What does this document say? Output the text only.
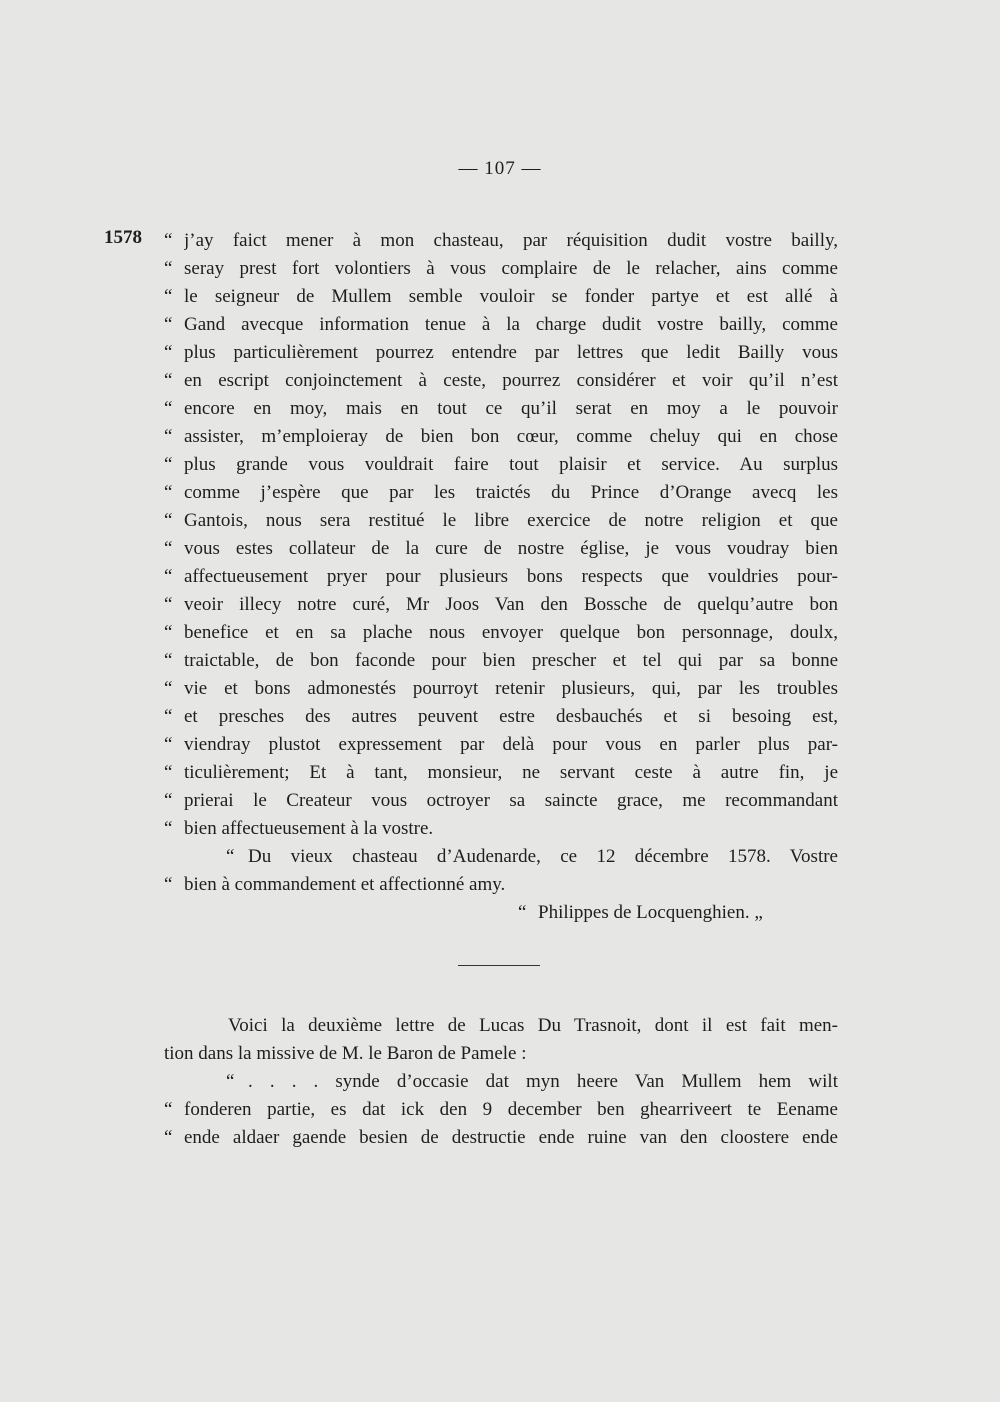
— 107 —
1578 “ j’ay faict mener à mon chasteau, par réquisition dudit vostre bailly,
“ seray prest fort volontiers à vous complaire de le relacher, ains comme
“ le seigneur de Mullem semble vouloir se fonder partye et est allé à
“ Gand avecque information tenue à la charge dudit vostre bailly, comme
“ plus particulièrement pourrez entendre par lettres que ledit Bailly vous
“ en escript conjoinctement à ceste, pourrez considérer et voir qu’il n’est
“ encore en moy, mais en tout ce qu’il serat en moy a le pouvoir
“ assister, m’emploieray de bien bon cœur, comme cheluy qui en chose
“ plus grande vous vouldrait faire tout plaisir et service. Au surplus
“ comme j’espère que par les traictés du Prince d’Orange avecq les
“ Gantois, nous sera restitué le libre exercice de notre religion et que
“ vous estes collateur de la cure de nostre église, je vous voudray bien
“ affectueusement pryer pour plusieurs bons respects que vouldries pour-
“ veoir illecy notre curé, Mr Joos Van den Bossche de quelqu’autre bon
“ benefice et en sa plache nous envoyer quelque bon personnage, doulx,
“ traictable, de bon faconde pour bien prescher et tel qui par sa bonne
“ vie et bons admonestés pourroyt retenir plusieurs, qui, par les troubles
“ et presches des autres peuvent estre desbauchés et si besoing est,
“ viendray plustot expressement par delà pour vous en parler plus par-
“ ticulièrement; Et à tant, monsieur, ne servant ceste à autre fin, je
“ prierai le Createur vous octroyer sa saincte grace, me recommandant
“ bien affectueusement à la vostre.
“ Du vieux chasteau d’Audenarde, ce 12 décembre 1578. Vostre
“ bien à commandement et affectionné amy.
“ Philippes de Locquenghien. „
Voici la deuxième lettre de Lucas Du Trasnoit, dont il est fait men-
tion dans la missive de M. le Baron de Pamele :
“ . . . . synde d’occasie dat myn heere Van Mullem hem wilt
“ fonderen partie, es dat ick den 9 december ben ghearriveert te Eename
“ ende aldaer gaende besien de destructie ende ruine van den cloostere ende
